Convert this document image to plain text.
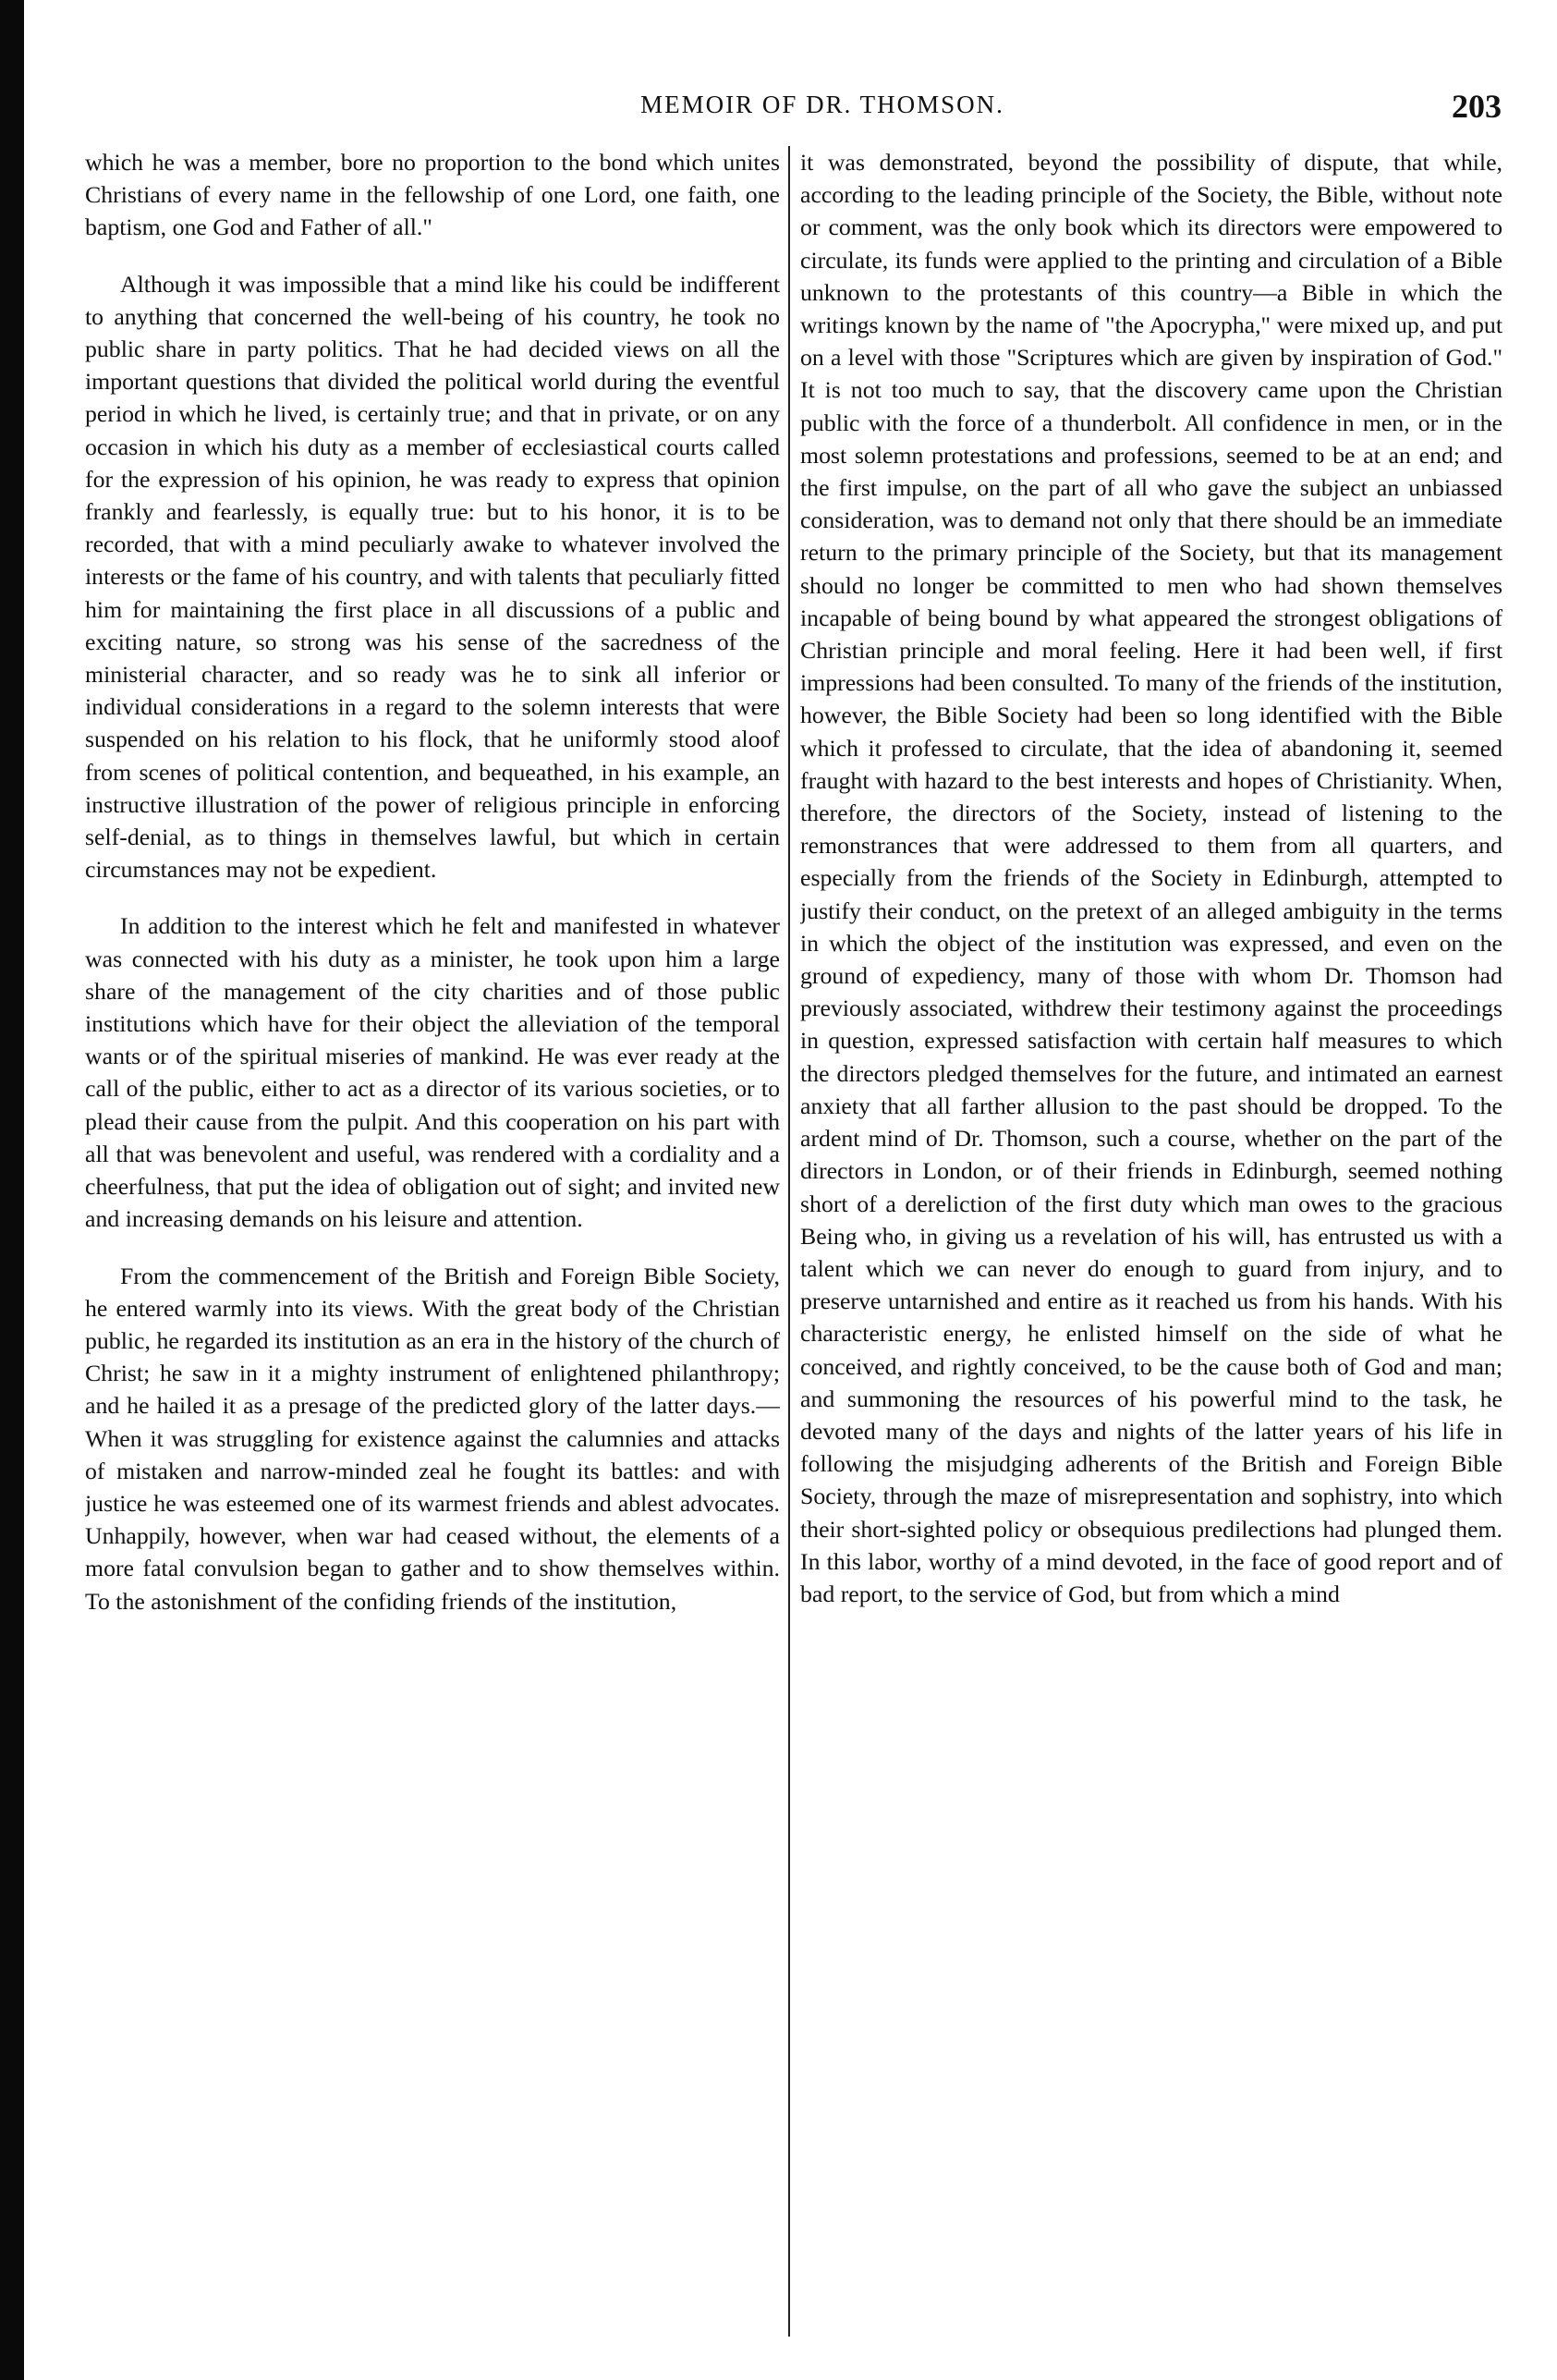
MEMOIR OF DR. THOMSON.	203

which he was a member, bore no proportion to the bond which unites Christians of every name in the fellowship of one Lord, one faith, one baptism, one God and Father of all."

Although it was impossible that a mind like his could be indifferent to anything that concerned the well-being of his country, he took no public share in party politics. That he had decided views on all the important questions that divided the political world during the eventful period in which he lived, is certainly true; and that in private, or on any occasion in which his duty as a member of ecclesiastical courts called for the expression of his opinion, he was ready to express that opinion frankly and fearlessly, is equally true: but to his honor, it is to be recorded, that with a mind peculiarly awake to whatever involved the interests or the fame of his country, and with talents that peculiarly fitted him for maintaining the first place in all discussions of a public and exciting nature, so strong was his sense of the sacredness of the ministerial character, and so ready was he to sink all inferior or individual considerations in a regard to the solemn interests that were suspended on his relation to his flock, that he uniformly stood aloof from scenes of political contention, and bequeathed, in his example, an instructive illustration of the power of religious principle in enforcing self-denial, as to things in themselves lawful, but which in certain circumstances may not be expedient.

In addition to the interest which he felt and manifested in whatever was connected with his duty as a minister, he took upon him a large share of the management of the city charities and of those public institutions which have for their object the alleviation of the temporal wants or of the spiritual miseries of mankind. He was ever ready at the call of the public, either to act as a director of its various societies, or to plead their cause from the pulpit. And this cooperation on his part with all that was benevolent and useful, was rendered with a cordiality and a cheerfulness, that put the idea of obligation out of sight; and invited new and increasing demands on his leisure and attention.

From the commencement of the British and Foreign Bible Society, he entered warmly into its views. With the great body of the Christian public, he regarded its institution as an era in the history of the church of Christ; he saw in it a mighty instrument of enlightened philanthropy; and he hailed it as a presage of the predicted glory of the latter days.— When it was struggling for existence against the calumnies and attacks of mistaken and narrow-minded zeal he fought its battles: and with justice he was esteemed one of its warmest friends and ablest advocates. Unhappily, however, when war had ceased without, the elements of a more fatal convulsion began to gather and to show themselves within. To the astonishment of the confiding friends of the institution,

it was demonstrated, beyond the possibility of dispute, that while, according to the leading principle of the Society, the Bible, without note or comment, was the only book which its directors were empowered to circulate, its funds were applied to the printing and circulation of a Bible unknown to the protestants of this country—a Bible in which the writings known by the name of "the Apocrypha," were mixed up, and put on a level with those "Scriptures which are given by inspiration of God." It is not too much to say, that the discovery came upon the Christian public with the force of a thunderbolt. All confidence in men, or in the most solemn protestations and professions, seemed to be at an end; and the first impulse, on the part of all who gave the subject an unbiassed consideration, was to demand not only that there should be an immediate return to the primary principle of the Society, but that its management should no longer be committed to men who had shown themselves incapable of being bound by what appeared the strongest obligations of Christian principle and moral feeling. Here it had been well, if first impressions had been consulted. To many of the friends of the institution, however, the Bible Society had been so long identified with the Bible which it professed to circulate, that the idea of abandoning it, seemed fraught with hazard to the best interests and hopes of Christianity. When, therefore, the directors of the Society, instead of listening to the remonstrances that were addressed to them from all quarters, and especially from the friends of the Society in Edinburgh, attempted to justify their conduct, on the pretext of an alleged ambiguity in the terms in which the object of the institution was expressed, and even on the ground of expediency, many of those with whom Dr. Thomson had previously associated, withdrew their testimony against the proceedings in question, expressed satisfaction with certain half measures to which the directors pledged themselves for the future, and intimated an earnest anxiety that all farther allusion to the past should be dropped. To the ardent mind of Dr. Thomson, such a course, whether on the part of the directors in London, or of their friends in Edinburgh, seemed nothing short of a dereliction of the first duty which man owes to the gracious Being who, in giving us a revelation of his will, has entrusted us with a talent which we can never do enough to guard from injury, and to preserve untarnished and entire as it reached us from his hands. With his characteristic energy, he enlisted himself on the side of what he conceived, and rightly conceived, to be the cause both of God and man; and summoning the resources of his powerful mind to the task, he devoted many of the days and nights of the latter years of his life in following the misjudging adherents of the British and Foreign Bible Society, through the maze of misrepresentation and sophistry, into which their short-sighted policy or obsequious predilections had plunged them. In this labor, worthy of a mind devoted, in the face of good report and of bad report, to the service of God, but from which a mind
